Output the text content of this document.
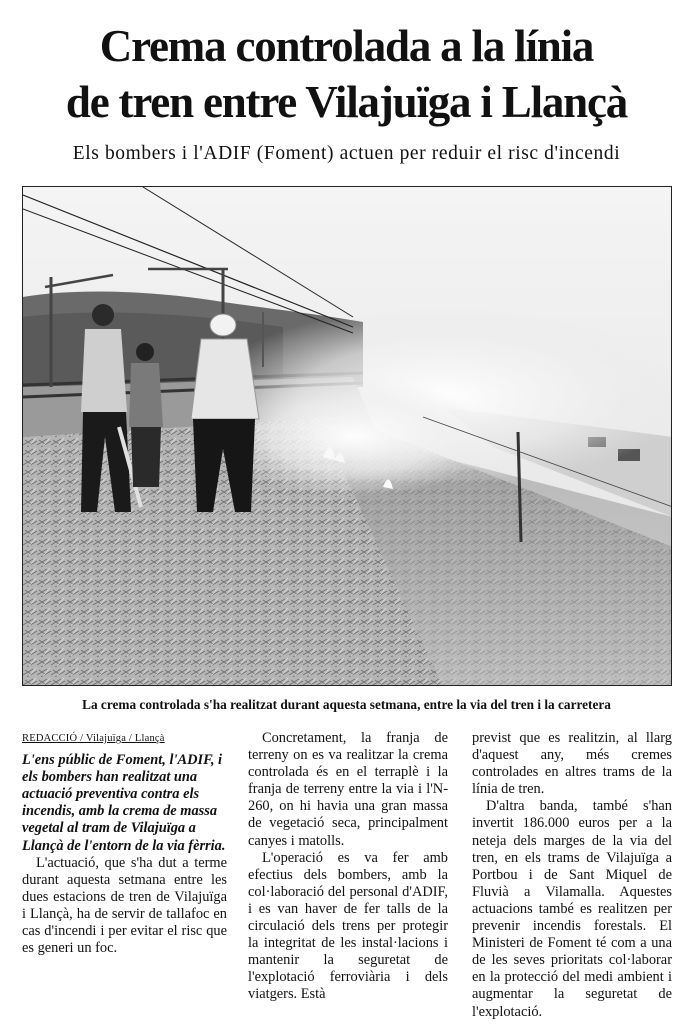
Crema controlada a la línia
de tren entre Vilajuïga i Llançà
Els bombers i l'ADIF (Foment) actuen per reduir el risc d'incendi
La crema controlada s'ha realitzat durant aquesta setmana, entre la via del tren i la carretera
REDACCIÓ / Vilajuïga / Llançà

L'ens públic de Foment, l'ADIF, i els bombers han realitzat una actuació preventiva contra els incendis, amb la crema de massa vegetal al tram de Vilajuïga a Llançà de l'entorn de la via fèrria.

L'actuació, que s'ha dut a terme durant aquesta setmana entre les dues estacions de tren de Vilajuïga i Llançà, ha de servir de tallafoc en cas d'incendi i per evitar el risc que es generi un foc.

Concretament, la franja de terreny on es va realitzar la crema controlada és en el terraplè i la franja de terreny entre la via i l'N-260, on hi havia una gran massa de vegetació seca, principalment canyes i matolls.

L'operació es va fer amb efectius dels bombers, amb la col·laboració del personal d'ADIF, i es van haver de fer talls de la circulació dels trens per protegir la integritat de les instal·lacions i mantenir la seguretat de l'explotació ferroviària i dels viatgers. Està

previst que es realitzin, al llarg d'aquest any, més cremes controlades en altres trams de la línia de tren.

D'altra banda, també s'han invertit 186.000 euros per a la neteja dels marges de la via del tren, en els trams de Vilajuïga a Portbou i de Sant Miquel de Fluvià a Vilamalla. Aquestes actuacions també es realitzen per prevenir incendis forestals. El Ministeri de Foment té com a una de les seves prioritats col·laborar en la protecció del medi ambient i augmentar la seguretat de l'explotació.
